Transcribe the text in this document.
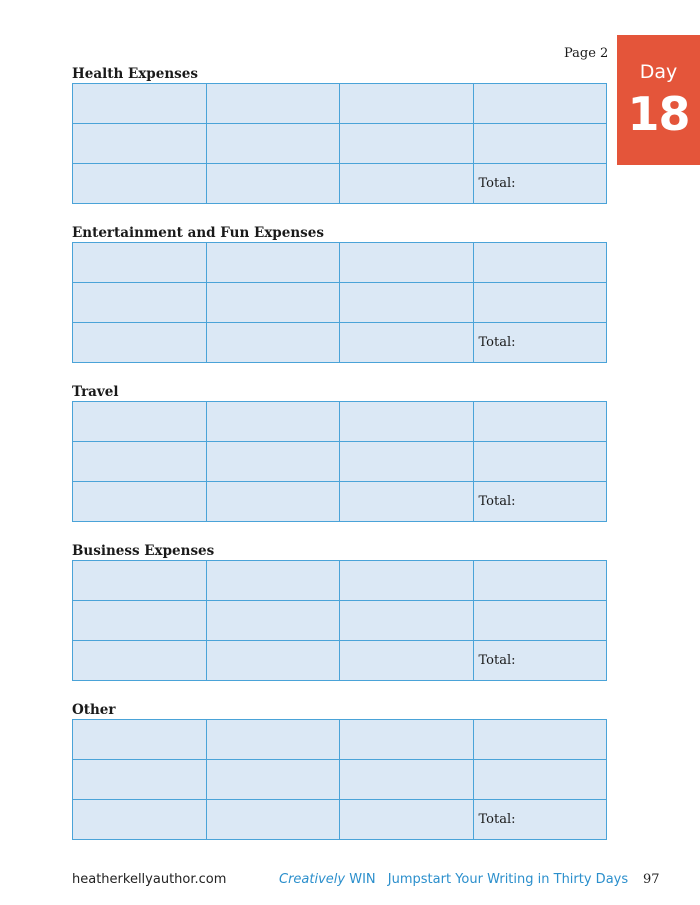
Page 2
Day
18
Health Expenses

			Total:
Entertainment and Fun Expenses

			Total:
Travel

			Total:
Business Expenses

			Total:
Other

			Total:
heatherkellyauthor.com	Creatively WIN Jumpstart Your Writing in Thirty Days 97
